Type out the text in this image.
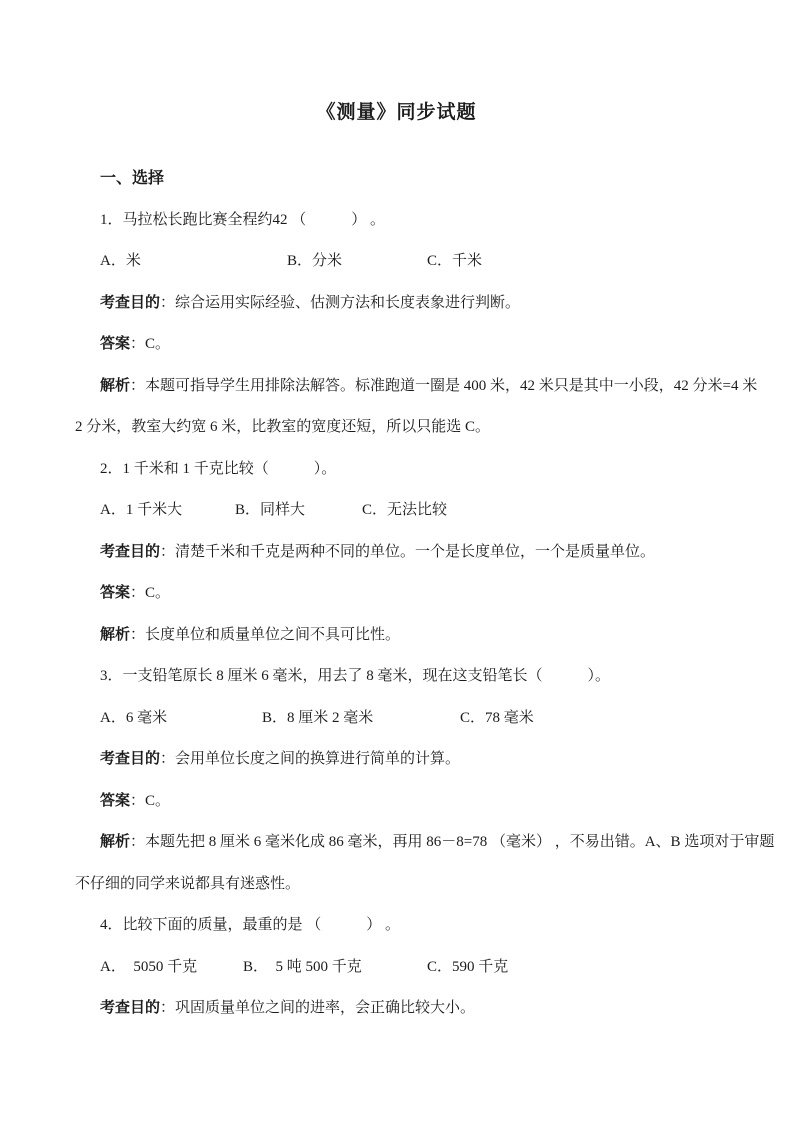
《测量》同步试题
一、选择
1．马拉松长跑比赛全程约42 （　　　） 。
A．米	B．分米	C．千米
考查目的：综合运用实际经验、估测方法和长度表象进行判断。
答案：C。
解析：本题可指导学生用排除法解答。标准跑道一圈是 400 米，42 米只是其中一小段，42 分米=4 米
2 分米，教室大约宽 6 米，比教室的宽度还短，所以只能选 C。
2．1 千米和 1 千克比较（　　　）。
A．1 千米大	B．同样大	C．无法比较
考查目的：清楚千米和千克是两种不同的单位。一个是长度单位，一个是质量单位。
答案：C。
解析：长度单位和质量单位之间不具可比性。
3．一支铅笔原长 8 厘米 6 毫米，用去了 8 毫米，现在这支铅笔长（　　　）。
A．6 毫米	B．8 厘米 2 毫米	C．78 毫米
考查目的：会用单位长度之间的换算进行简单的计算。
答案：C。
解析：本题先把 8 厘米 6 毫米化成 86 毫米，再用 86－8=78 （毫米） ，不易出错。A、B 选项对于审题
不仔细的同学来说都具有迷惑性。
4．比较下面的质量，最重的是 （　　　） 。
A．　5050 千克	B．　5 吨 500 千克	C．590 千克
考查目的：巩固质量单位之间的进率，会正确比较大小。
